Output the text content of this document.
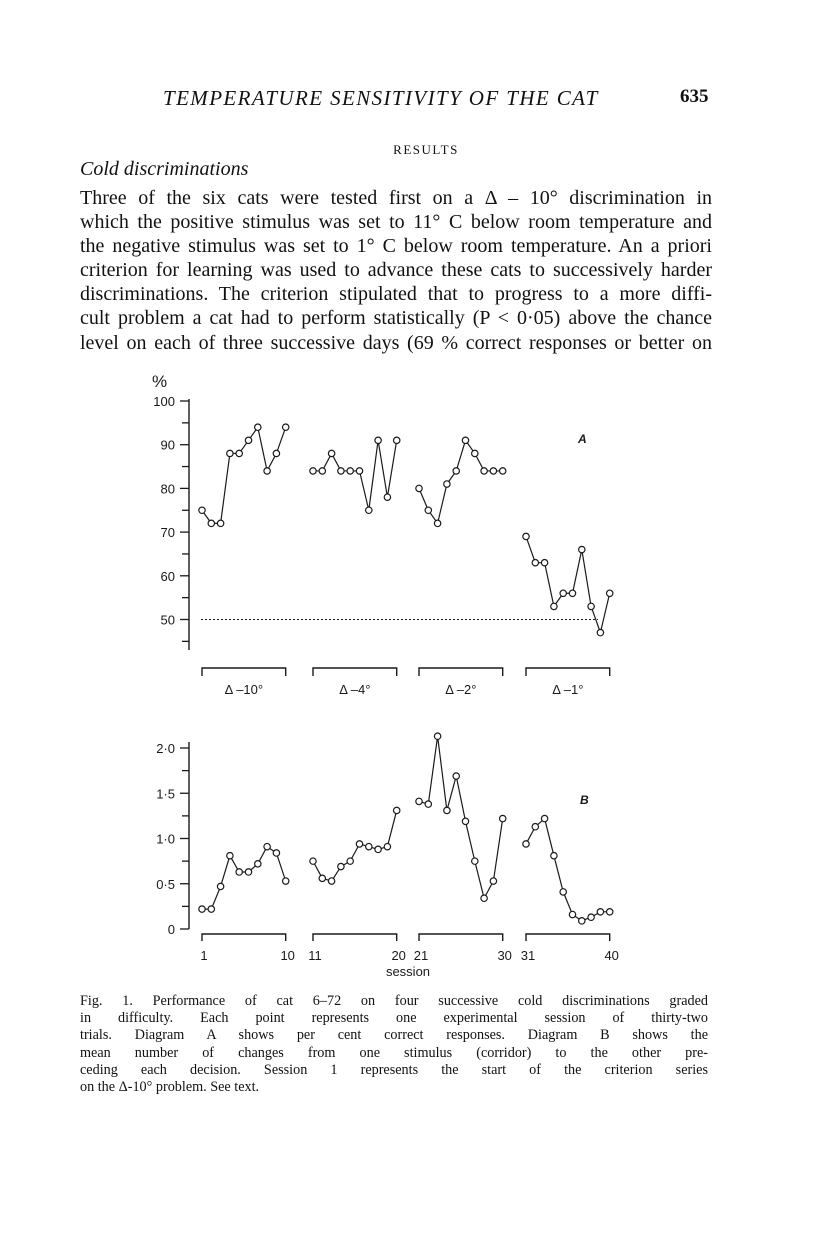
TEMPERATURE SENSITIVITY OF THE CAT	635
RESULTS
Cold discriminations

Three of the six cats were tested first on a Δ – 10° discrimination in
which the positive stimulus was set to 11° C below room temperature and
the negative stimulus was set to 1° C below room temperature. An a priori
criterion for learning was used to advance these cats to successively harder
discriminations. The criterion stipulated that to progress to a more diffi-
cult problem a cat had to perform statistically (P < 0·05) above the chance
level on each of three successive days (69 % correct responses or better on

100
90
80
70
60
50
%
A
Δ –10°	Δ –4°	Δ –2°	Δ –1°
2·0
1·5
1·0
0·5
0
B
1	10 11	20 21	30 31	40
session

Fig. 1. Performance of cat 6–72 on four successive cold discriminations graded
in difficulty. Each point represents one experimental session of thirty-two
trials. Diagram A shows per cent correct responses. Diagram B shows the
mean number of changes from one stimulus (corridor) to the other pre-
ceding each decision. Session 1 represents the start of the criterion series
on the Δ-10° problem. See text.
